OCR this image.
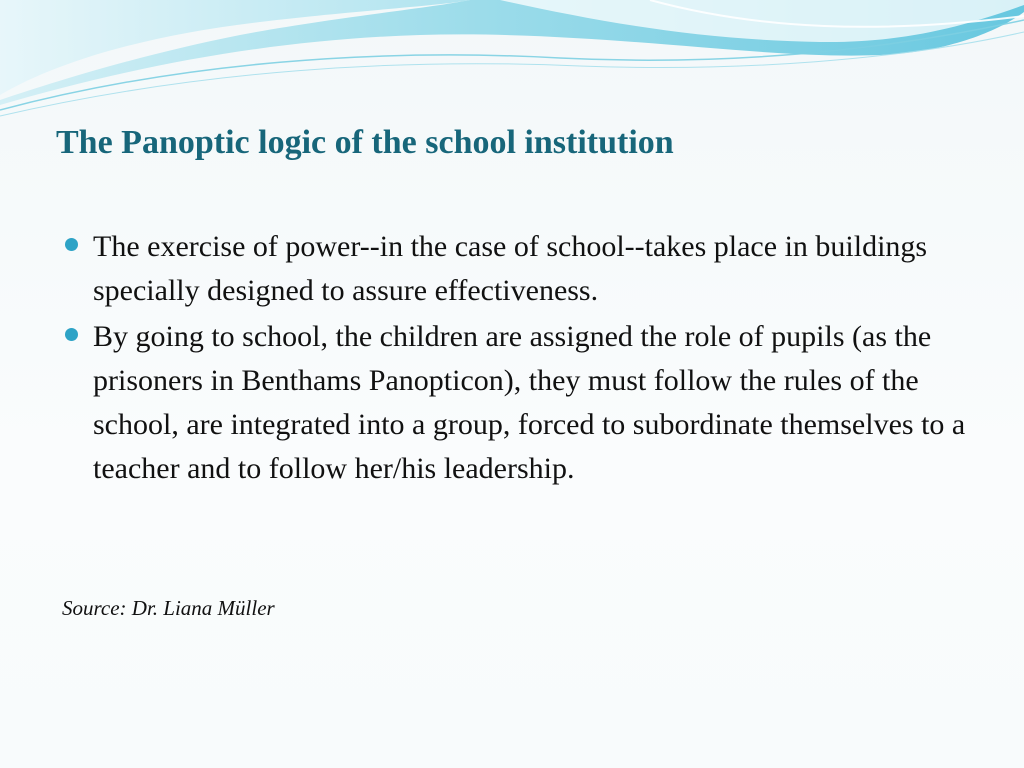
The Panoptic logic of the school institution
The exercise of power--in the case of school--takes place in buildings specially designed to assure effectiveness.
By going to school, the children are assigned the role of pupils (as the prisoners in Benthams Panopticon), they must follow the rules of the school, are integrated into a group, forced to subordinate themselves to a teacher and to follow her/his leadership.
Source: Dr. Liana Müller
